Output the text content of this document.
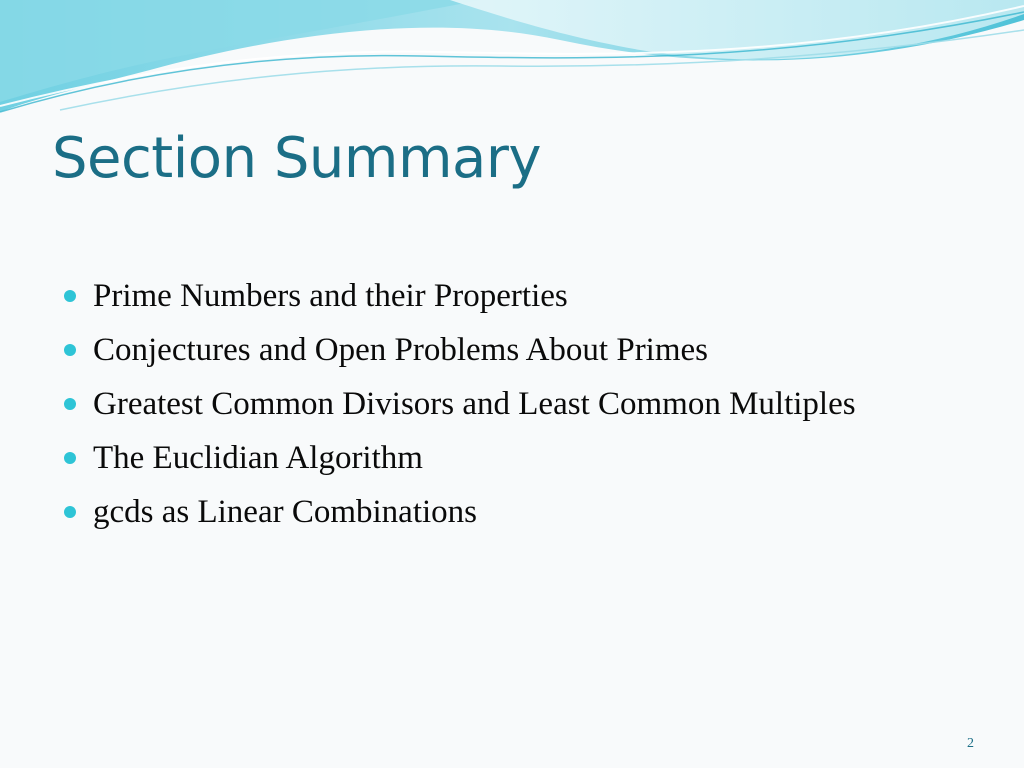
Section Summary
Prime Numbers and their Properties
Conjectures and Open Problems About Primes
Greatest Common Divisors and Least Common Multiples
The Euclidian Algorithm
gcds as Linear Combinations
2
